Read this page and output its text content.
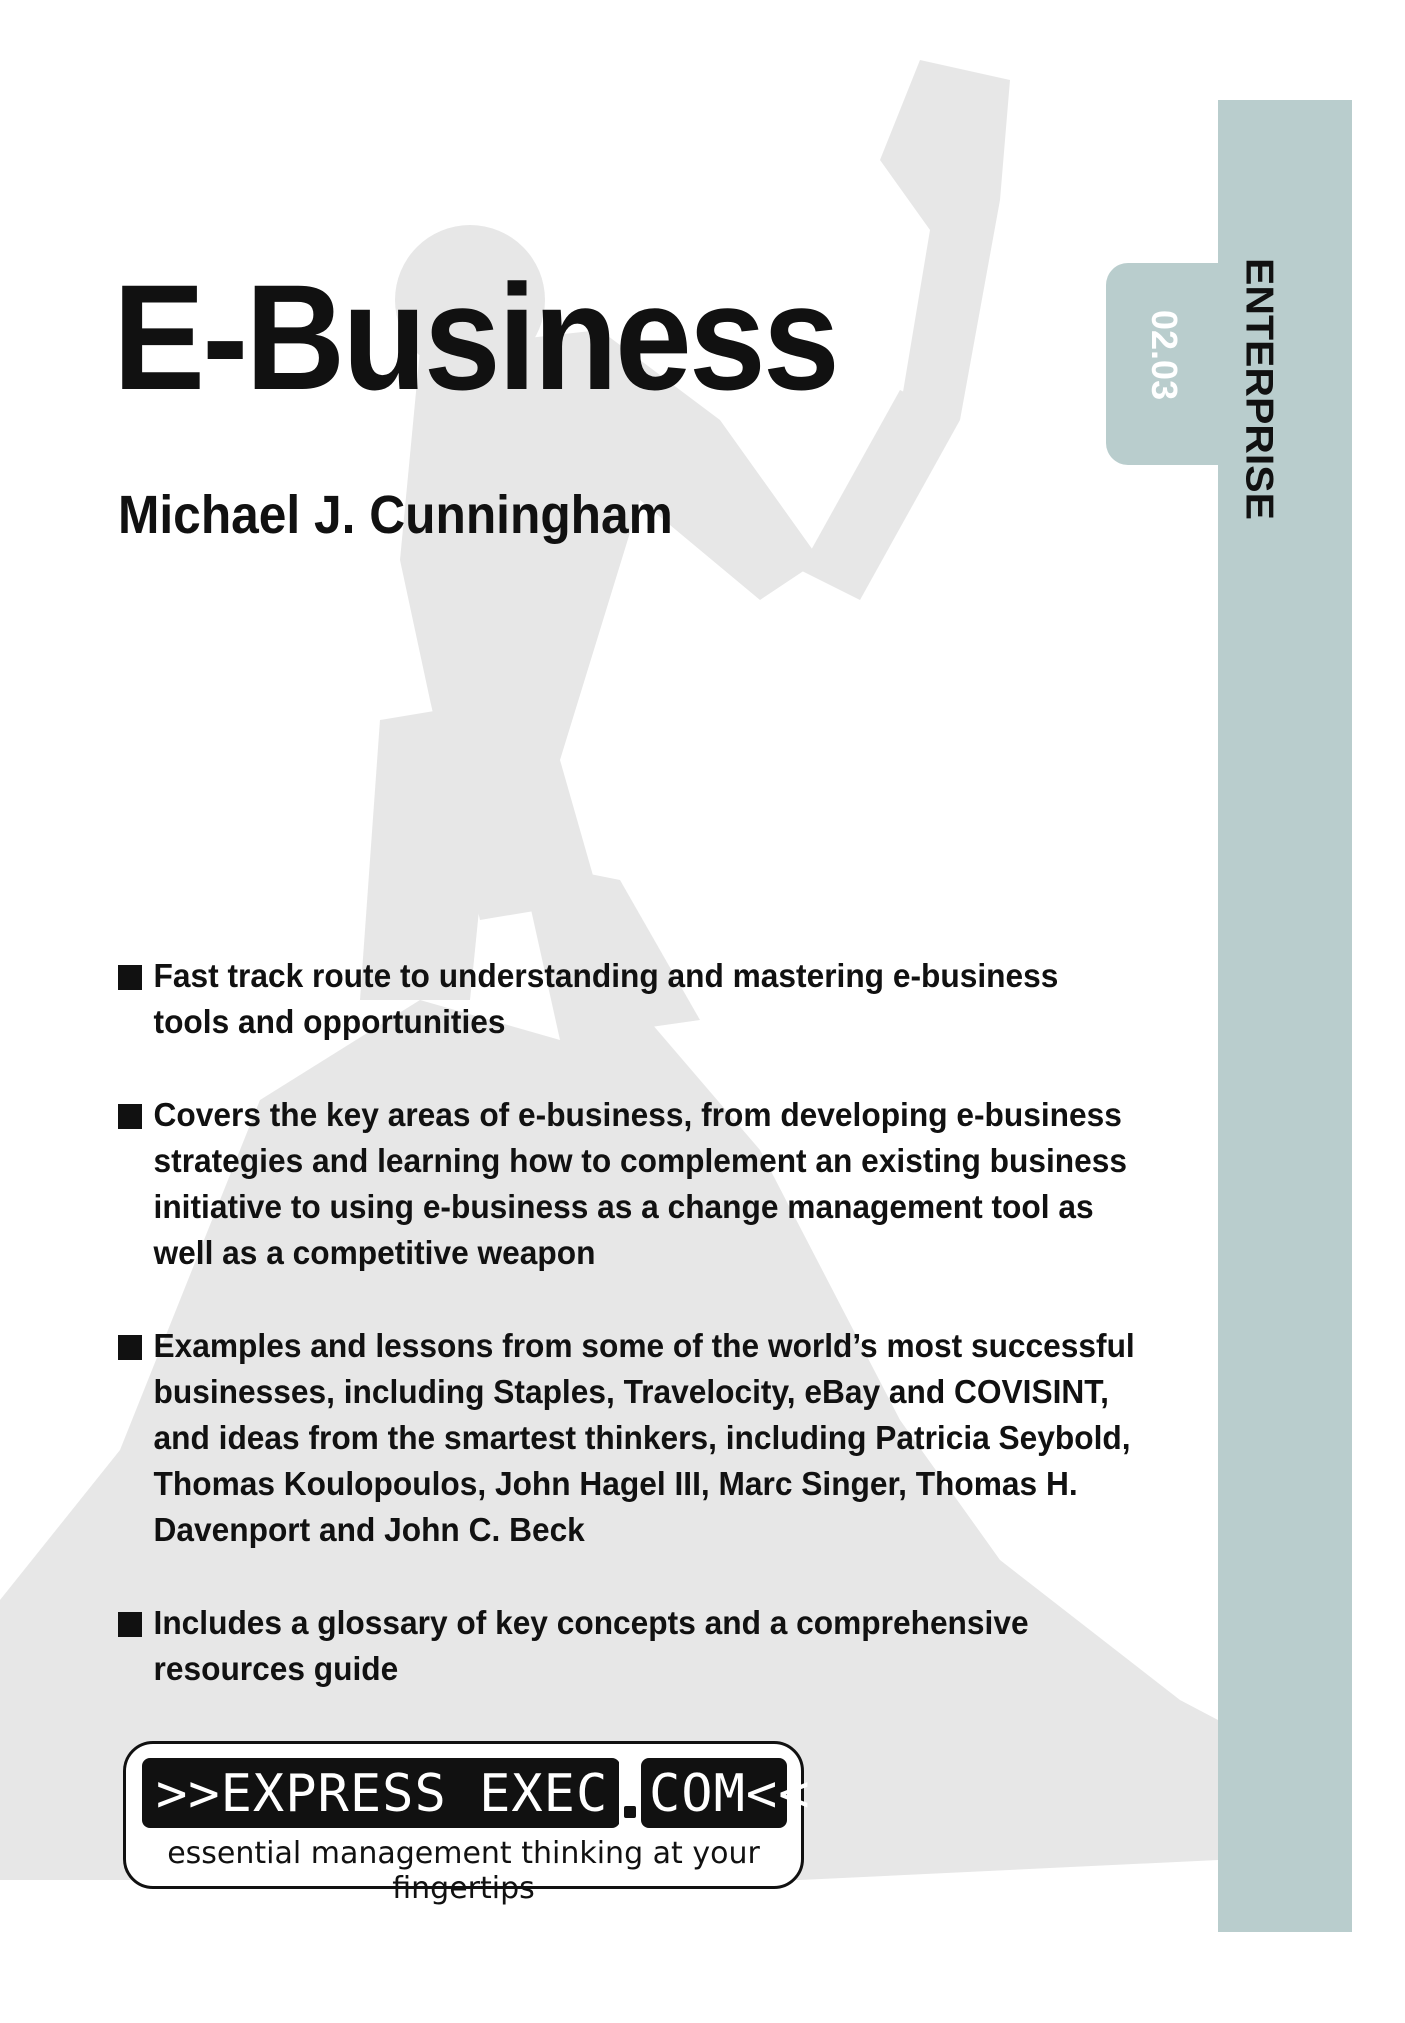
ENTERPRISE
02.03
E-Business
Michael J. Cunningham
Fast track route to understanding and mastering e-business tools and opportunities
Covers the key areas of e-business, from developing e-business strategies and learning how to complement an existing business initiative to using e-business as a change management tool as well as a competitive weapon
Examples and lessons from some of the world’s most successful businesses, including Staples, Travelocity, eBay and COVISINT, and ideas from the smartest thinkers, including Patricia Seybold, Thomas Koulopoulos, John Hagel III, Marc Singer, Thomas H. Davenport and John C. Beck
Includes a glossary of key concepts and a comprehensive resources guide
>>EXPRESS EXEC COM<<
essential management thinking at your fingertips
